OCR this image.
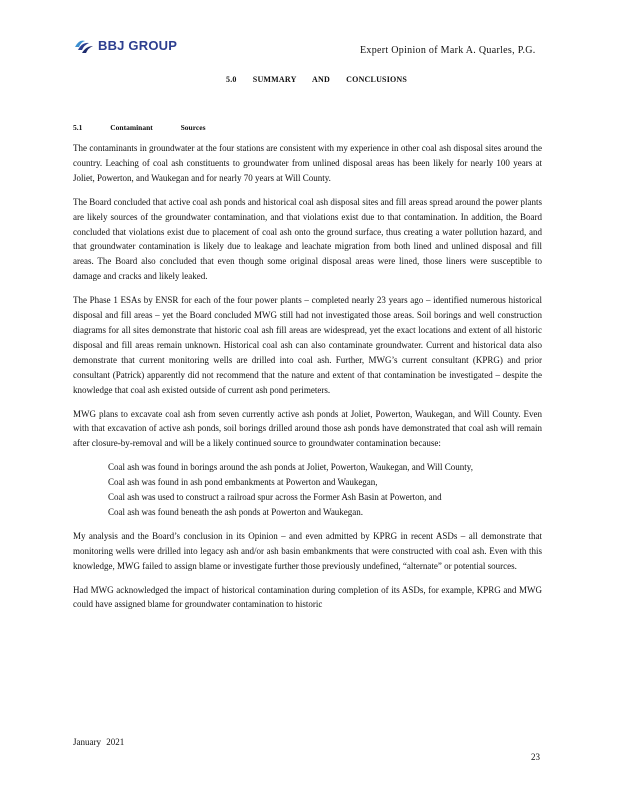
BBJ GROUP	Expert Opinion of Mark A. Quarles, P.G.
5.0 SUMMARY AND CONCLUSIONS
5.1 Contaminant Sources

The contaminants in groundwater at the four stations are consistent with my experience in other coal ash disposal sites around the country. Leaching of coal ash constituents to groundwater from unlined disposal areas has been likely for nearly 100 years at Joliet, Powerton, and Waukegan and for nearly 70 years at Will County.

The Board concluded that active coal ash ponds and historical coal ash disposal sites and fill areas spread around the power plants are likely sources of the groundwater contamination, and that violations exist due to that contamination. In addition, the Board concluded that violations exist due to placement of coal ash onto the ground surface, thus creating a water pollution hazard, and that groundwater contamination is likely due to leakage and leachate migration from both lined and unlined disposal and fill areas. The Board also concluded that even though some original disposal areas were lined, those liners were susceptible to damage and cracks and likely leaked.

The Phase 1 ESAs by ENSR for each of the four power plants – completed nearly 23 years ago – identified numerous historical disposal and fill areas – yet the Board concluded MWG still had not investigated those areas. Soil borings and well construction diagrams for all sites demonstrate that historic coal ash fill areas are widespread, yet the exact locations and extent of all historic disposal and fill areas remain unknown. Historical coal ash can also contaminate groundwater. Current and historical data also demonstrate that current monitoring wells are drilled into coal ash. Further, MWG’s current consultant (KPRG) and prior consultant (Patrick) apparently did not recommend that the nature and extent of that contamination be investigated – despite the knowledge that coal ash existed outside of current ash pond perimeters.

MWG plans to excavate coal ash from seven currently active ash ponds at Joliet, Powerton, Waukegan, and Will County. Even with that excavation of active ash ponds, soil borings drilled around those ash ponds have demonstrated that coal ash will remain after closure-by-removal and will be a likely continued source to groundwater contamination because:

Coal ash was found in borings around the ash ponds at Joliet, Powerton, Waukegan, and Will County,
Coal ash was found in ash pond embankments at Powerton and Waukegan,
Coal ash was used to construct a railroad spur across the Former Ash Basin at Powerton, and
Coal ash was found beneath the ash ponds at Powerton and Waukegan.

My analysis and the Board’s conclusion in its Opinion – and even admitted by KPRG in recent ASDs – all demonstrate that monitoring wells were drilled into legacy ash and/or ash basin embankments that were constructed with coal ash. Even with this knowledge, MWG failed to assign blame or investigate further those previously undefined, “alternate” or potential sources.

Had MWG acknowledged the impact of historical contamination during completion of its ASDs, for example, KPRG and MWG could have assigned blame for groundwater contamination to historic

January 2021
23
